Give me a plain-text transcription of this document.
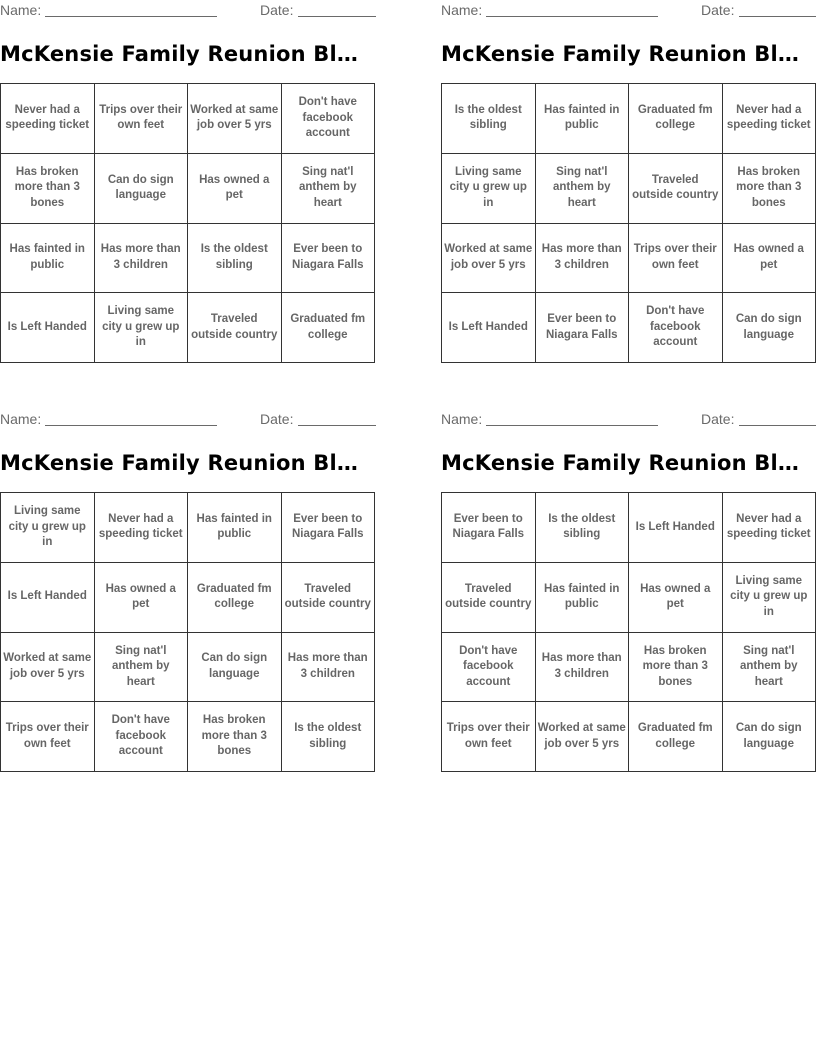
Name:	Date:
McKensie Family Reunion Bl…
Never had a speeding ticket	Trips over their own feet	Worked at same job over 5 yrs	Don't have facebook account
Has broken more than 3 bones	Can do sign language	Has owned a pet	Sing nat'l anthem by heart
Has fainted in public	Has more than 3 children	Is the oldest sibling	Ever been to Niagara Falls
Is Left Handed	Living same city u grew up in	Traveled outside country	Graduated fm college
Name:	Date:
McKensie Family Reunion Bl…
Is the oldest sibling	Has fainted in public	Graduated fm college	Never had a speeding ticket
Living same city u grew up in	Sing nat'l anthem by heart	Traveled outside country	Has broken more than 3 bones
Worked at same job over 5 yrs	Has more than 3 children	Trips over their own feet	Has owned a pet
Is Left Handed	Ever been to Niagara Falls	Don't have facebook account	Can do sign language
Name:	Date:
McKensie Family Reunion Bl…
Living same city u grew up in	Never had a speeding ticket	Has fainted in public	Ever been to Niagara Falls
Is Left Handed	Has owned a pet	Graduated fm college	Traveled outside country
Worked at same job over 5 yrs	Sing nat'l anthem by heart	Can do sign language	Has more than 3 children
Trips over their own feet	Don't have facebook account	Has broken more than 3 bones	Is the oldest sibling
Name:	Date:
McKensie Family Reunion Bl…
Ever been to Niagara Falls	Is the oldest sibling	Is Left Handed	Never had a speeding ticket
Traveled outside country	Has fainted in public	Has owned a pet	Living same city u grew up in
Don't have facebook account	Has more than 3 children	Has broken more than 3 bones	Sing nat'l anthem by heart
Trips over their own feet	Worked at same job over 5 yrs	Graduated fm college	Can do sign language
